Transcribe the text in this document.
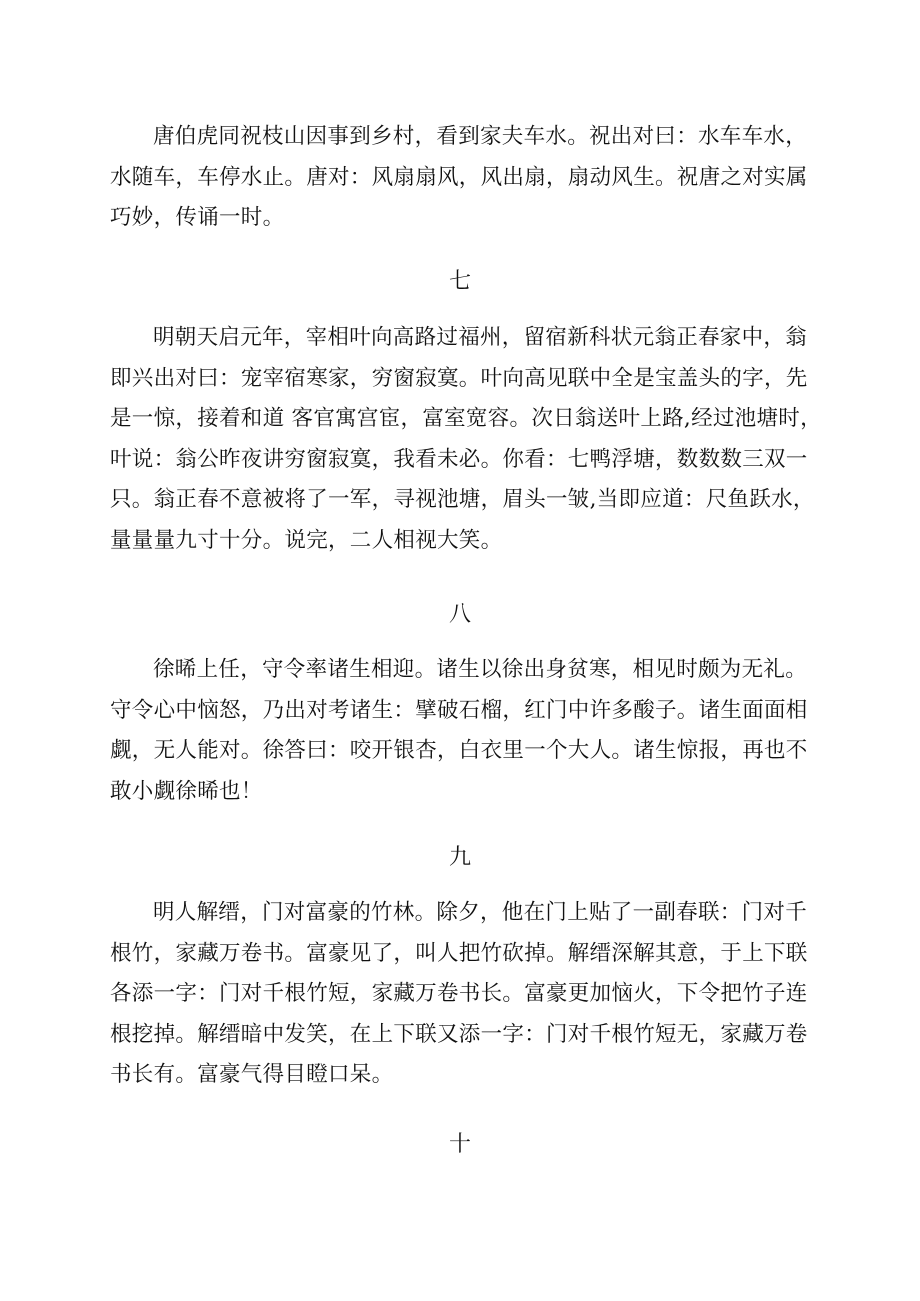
唐伯虎同祝枝山因事到乡村，看到家夫车水。祝出对曰：水车车水，
水随车，车停水止。唐对：风扇扇风，风出扇，扇动风生。祝唐之对实属
巧妙，传诵一时。

七

明朝天启元年，宰相叶向高路过福州，留宿新科状元翁正春家中，翁
即兴出对曰：宠宰宿寒家，穷窗寂寞。叶向高见联中全是宝盖头的字，先
是一惊，接着和道 客官寓宫宦，富室宽容。次日翁送叶上路,经过池塘时，
叶说：翁公昨夜讲穷窗寂寞，我看未必。你看：七鸭浮塘，数数数三双一
只。翁正春不意被将了一军，寻视池塘，眉头一皱,当即应道：尺鱼跃水，
量量量九寸十分。说完，二人相视大笑。

八

徐晞上任，守令率诸生相迎。诸生以徐出身贫寒，相见时颇为无礼。
守令心中恼怒，乃出对考诸生：擘破石榴，红门中许多酸子。诸生面面相
觑，无人能对。徐答曰：咬开银杏，白衣里一个大人。诸生惊报，再也不
敢小觑徐晞也！

九

明人解缙，门对富豪的竹林。除夕，他在门上贴了一副春联：门对千
根竹，家藏万卷书。富豪见了，叫人把竹砍掉。解缙深解其意，于上下联
各添一字：门对千根竹短，家藏万卷书长。富豪更加恼火，下令把竹子连
根挖掉。解缙暗中发笑，在上下联又添一字：门对千根竹短无，家藏万卷
书长有。富豪气得目瞪口呆。

十
